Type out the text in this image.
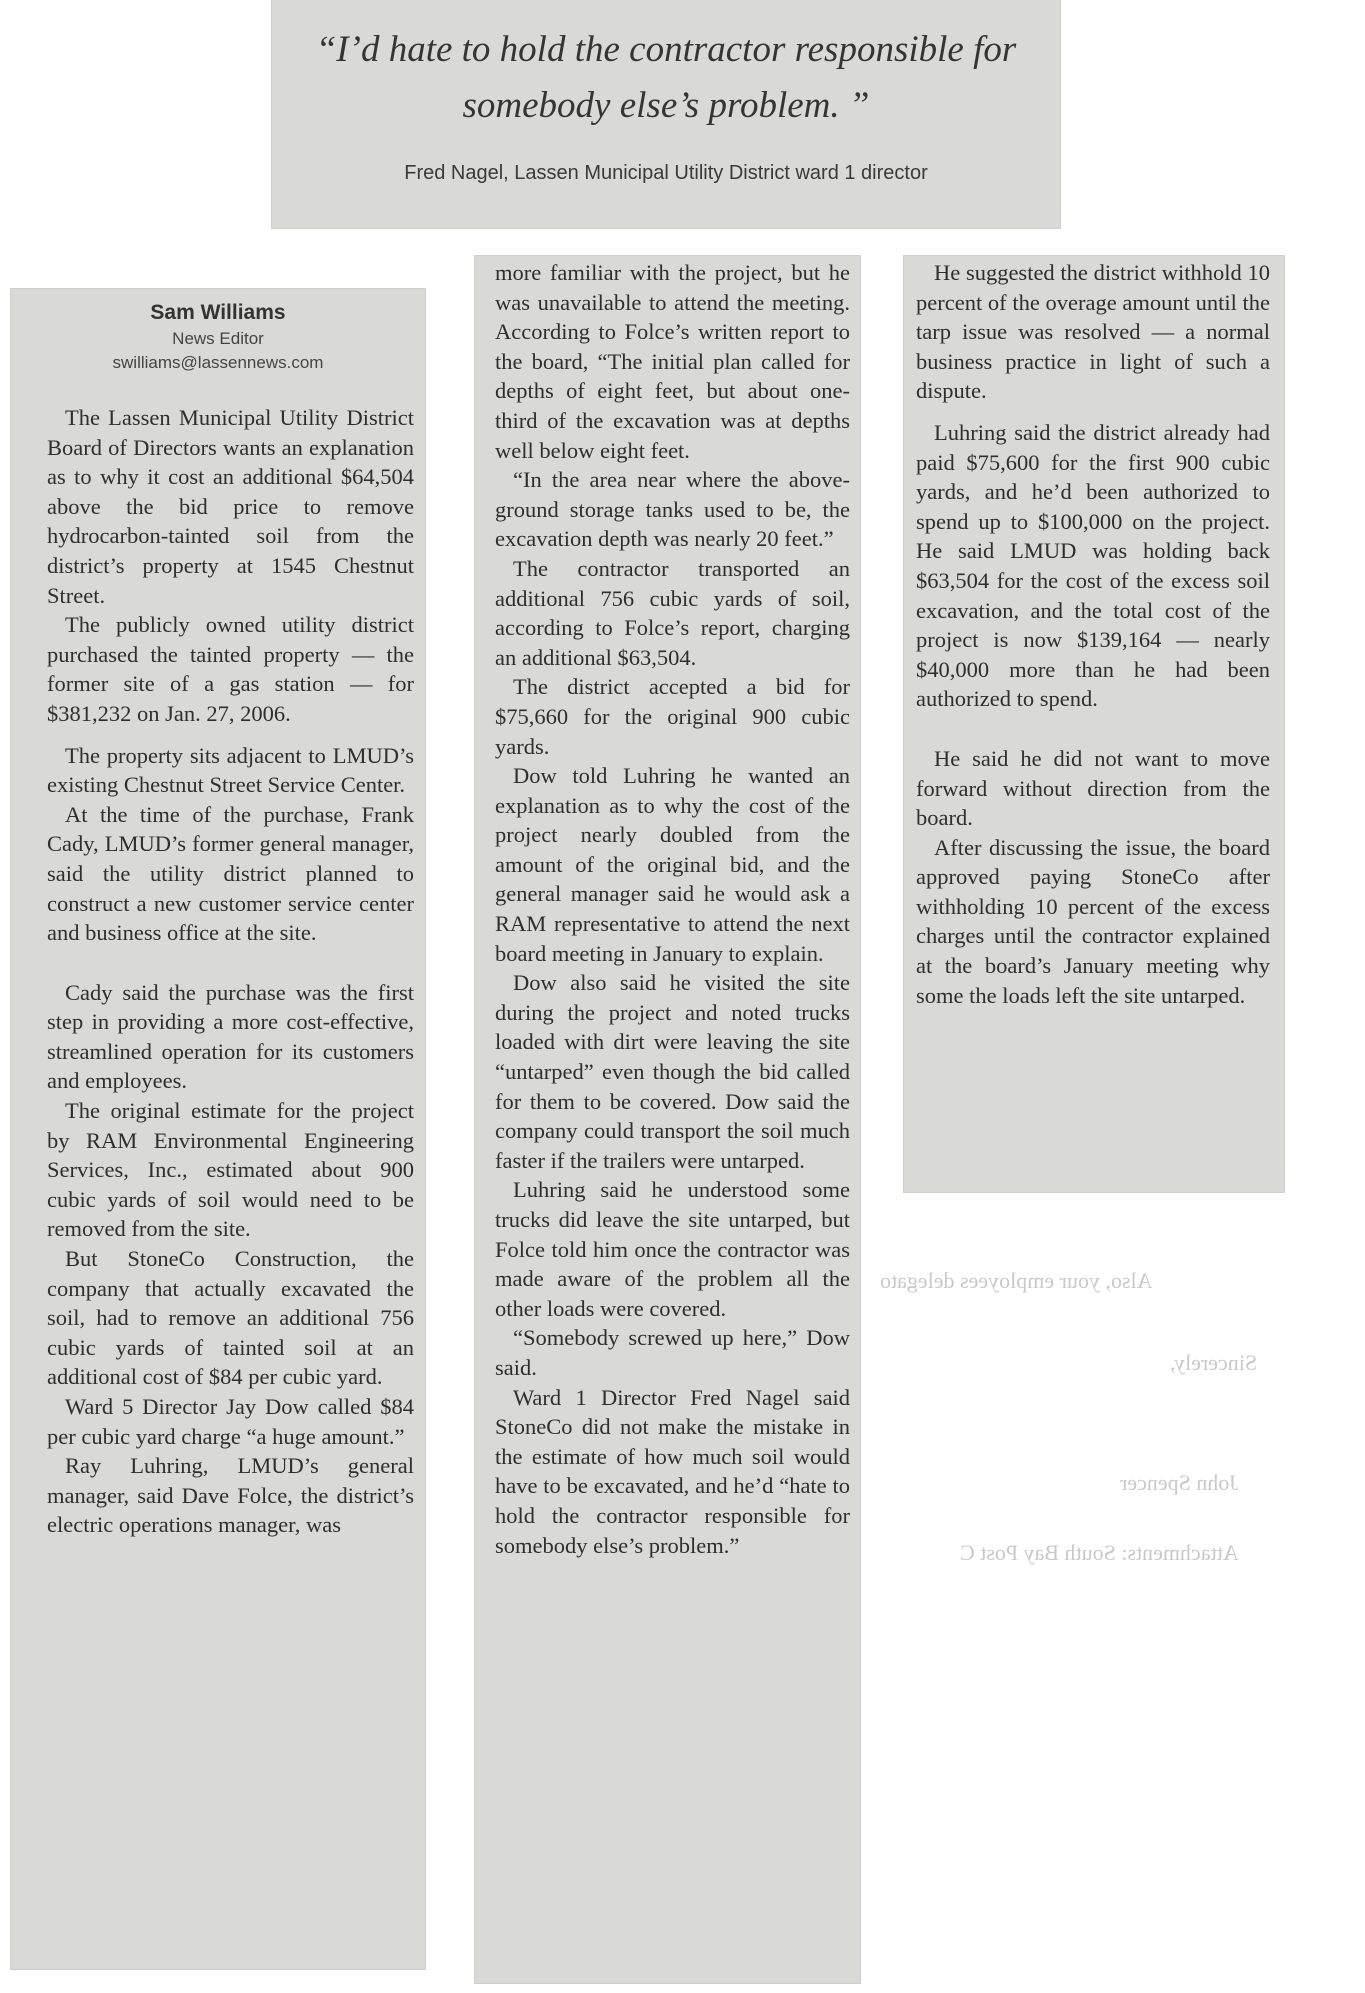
Also, your employees delegato
Sincerely,
John Spencer
Attachments: South Bay Post C
“I’d hate to hold the contractor responsible for somebody else’s problem. ”
Fred Nagel, Lassen Municipal Utility District ward 1 director
Sam Williams
News Editor
swilliams@lassennews.com

The Lassen Municipal Utility District Board of Directors wants an explanation as to why it cost an additional $64,504 above the bid price to remove hydrocarbon-tainted soil from the district’s property at 1545 Chestnut Street.

The publicly owned utility district purchased the tainted property — the former site of a gas station — for $381,232 on Jan. 27, 2006.

The property sits adjacent to LMUD’s existing Chestnut Street Service Center.

At the time of the purchase, Frank Cady, LMUD’s former general manager, said the utility district planned to construct a new customer service center and business office at the site.

Cady said the purchase was the first step in providing a more cost-effective, streamlined operation for its customers and employees.

The original estimate for the project by RAM Environmental Engineering Services, Inc., estimated about 900 cubic yards of soil would need to be removed from the site.

But StoneCo Construction, the company that actually excavated the soil, had to remove an additional 756 cubic yards of tainted soil at an additional cost of $84 per cubic yard.

Ward 5 Director Jay Dow called $84 per cubic yard charge “a huge amount.”

Ray Luhring, LMUD’s general manager, said Dave Folce, the district’s electric operations manager, was

more familiar with the project, but he was unavailable to attend the meeting. According to Folce’s written report to the board, “The initial plan called for depths of eight feet, but about one-third of the excavation was at depths well below eight feet.

“In the area near where the above-ground storage tanks used to be, the excavation depth was nearly 20 feet.”

The contractor transported an additional 756 cubic yards of soil, according to Folce’s report, charging an additional $63,504.

The district accepted a bid for $75,660 for the original 900 cubic yards.

Dow told Luhring he wanted an explanation as to why the cost of the project nearly doubled from the amount of the original bid, and the general manager said he would ask a RAM representative to attend the next board meeting in January to explain.

Dow also said he visited the site during the project and noted trucks loaded with dirt were leaving the site “untarped” even though the bid called for them to be covered. Dow said the company could transport the soil much faster if the trailers were untarped.

Luhring said he understood some trucks did leave the site untarped, but Folce told him once the contractor was made aware of the problem all the other loads were covered.

“Somebody screwed up here,” Dow said.

Ward 1 Director Fred Nagel said StoneCo did not make the mistake in the estimate of how much soil would have to be excavated, and he’d “hate to hold the contractor responsible for somebody else’s problem.”

He suggested the district withhold 10 percent of the overage amount until the tarp issue was resolved — a normal business practice in light of such a dispute.

Luhring said the district already had paid $75,600 for the first 900 cubic yards, and he’d been authorized to spend up to $100,000 on the project. He said LMUD was holding back $63,504 for the cost of the excess soil excavation, and the total cost of the project is now $139,164 — nearly $40,000 more than he had been authorized to spend.

He said he did not want to move forward without direction from the board.

After discussing the issue, the board approved paying StoneCo after withholding 10 percent of the excess charges until the contractor explained at the board’s January meeting why some the loads left the site untarped.
